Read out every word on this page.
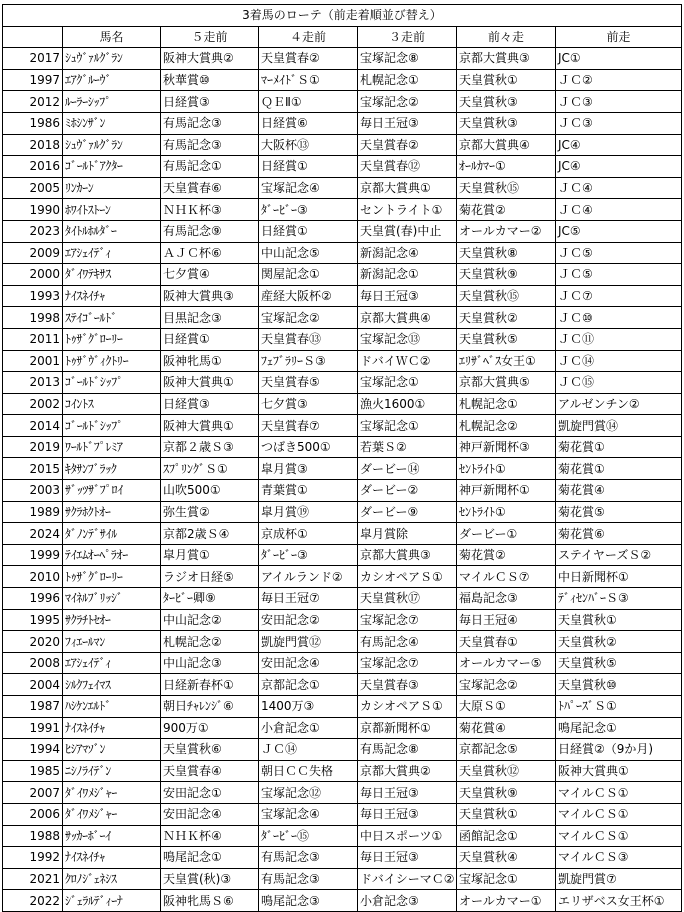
3着馬のローテ（前走着順並び替え）						
	馬名	５走前	４走前	３走前	前々走	前走
2017	ｼｭｳﾞｧﾙｸﾞﾗﾝ	阪神大賞典②	天皇賞春②	宝塚記念⑧	京都大賞典③	JC①
1997	ｴｱｸﾞﾙｰｳﾞ	秋華賞⑩	ﾏｰﾒｲﾄﾞＳ①	札幌記念①	天皇賞秋①	ＪＣ②
2012	ﾙｰﾗｰｼｯﾌﾟ	日経賞③	ＱＥⅡ①	宝塚記念②	天皇賞秋③	ＪＣ③
1986	ﾐﾎｼﾝｻﾞﾝ	有馬記念③	日経賞⑥	毎日王冠③	天皇賞秋③	ＪＣ③
2018	ｼｭｳﾞｧﾙｸﾞﾗﾝ	有馬記念③	大阪杯⑬	天皇賞春②	京都大賞典④	JC④
2016	ｺﾞｰﾙﾄﾞｱｸﾀｰ	有馬記念①	日経賞①	天皇賞春⑫	ｵｰﾙｶﾏｰ①	JC④
2005	ﾘﾝｶｰﾝ	天皇賞春⑥	宝塚記念④	京都大賞典①	天皇賞秋⑮	ＪＣ④
1990	ﾎﾜｲﾄｽﾄｰﾝ	ＮＨＫ杯③	ﾀﾞｰﾋﾞｰ③	セントライト①	菊花賞②	ＪＣ④
2023	ﾀｲﾄﾙﾎﾙﾀﾞｰ	有馬記念⑨	日経賞①	天皇賞(春)中止	オールカマー②	JC⑤
2009	ｴｱｼｪｲﾃﾞｨ	ＡＪＣ杯⑥	中山記念⑤	新潟記念④	天皇賞秋⑧	ＪＣ⑤
2000	ﾀﾞｲﾜﾃｷｻｽ	七夕賞④	関屋記念①	新潟記念①	天皇賞秋⑨	ＪＣ⑤
1993	ﾅｲｽﾈｲﾁｬ	阪神大賞典③	産経大阪杯②	毎日王冠③	天皇賞秋⑮	ＪＣ⑦
1998	ｽﾃｲｺﾞｰﾙﾄﾞ	目黒記念③	宝塚記念②	京都大賞典④	天皇賞秋②	ＪＣ⑩
2011	ﾄｩｻﾞｸﾞﾛｰﾘｰ	日経賞①	天皇賞春⑬	宝塚記念⑬	天皇賞秋⑤	ＪＣ⑪
2001	ﾄｩｻﾞｳﾞｨｸﾄﾘｰ	阪神牝馬①	ﾌｪﾌﾞﾗﾘｰＳ③	ドバイＷＣ②	ｴﾘｻﾞﾍﾞｽ女王①	ＪＣ⑭
2013	ｺﾞｰﾙﾄﾞｼｯﾌﾟ	阪神大賞典①	天皇賞春⑤	宝塚記念①	京都大賞典⑤	ＪＣ⑮
2002	ｺｲﾝﾄｽ	日経賞③	七夕賞③	漁火1600①	札幌記念①	アルゼンチン②
2014	ｺﾞｰﾙﾄﾞｼｯﾌﾟ	阪神大賞典①	天皇賞春⑦	宝塚記念①	札幌記念②	凱旋門賞⑭
2019	ﾜｰﾙﾄﾞﾌﾟﾚﾐｱ	京都２歳Ｓ③	つばき500①	若葉Ｓ②	神戸新聞杯③	菊花賞①
2015	ｷﾀｻﾝﾌﾞﾗｯｸ	ｽﾌﾟﾘﾝｸﾞＳ①	皐月賞③	ダービー⑭	ｾﾝﾄﾗｲﾄ①	菊花賞①
2003	ｻﾞｯﾂｻﾞﾌﾟﾛｲ	山吹500①	青葉賞①	ダービー②	神戸新聞杯①	菊花賞④
1989	ｻｸﾗﾎｸﾄｵｰ	弥生賞②	皐月賞⑲	ダービー⑨	ｾﾝﾄﾗｲﾄ①	菊花賞⑤
2024	ﾀﾞﾉﾝﾃﾞｻｲﾙ	京都2歳Ｓ④	京成杯①	皐月賞除	ダービー①	菊花賞⑥
1999	ﾃｲｴﾑｵｰﾍﾟﾗｵｰ	皐月賞①	ﾀﾞｰﾋﾞｰ③	京都大賞典③	菊花賞②	ステイヤーズＳ②
2010	ﾄｩｻﾞｸﾞﾛｰﾘｰ	ラジオ日経⑤	アイルランド②	カシオペアＳ①	マイルＣＳ⑦	中日新聞杯①
1996	ﾏｲﾈﾙﾌﾞﾘｯｼﾞ	ﾀｰﾋﾞｰ卿⑨	毎日王冠⑦	天皇賞秋⑰	福島記念③	ﾃﾞｨｾﾝﾊﾞｰＳ③
1995	ｻｸﾗﾁﾄｾｵｰ	中山記念②	安田記念②	宝塚記念⑦	毎日王冠④	天皇賞秋①
2020	ﾌｨｴｰﾙﾏﾝ	札幌記念②	凱旋門賞⑫	有馬記念④	天皇賞春①	天皇賞秋②
2008	ｴｱｼｪｲﾃﾞｨ	中山記念③	安田記念④	宝塚記念⑦	オールカマー⑤	天皇賞秋⑤
2004	ｼﾙｸﾌｪｲﾏｽ	日経新春杯①	京都記念①	天皇賞春③	宝塚記念②	天皇賞秋⑩
1987	ﾊｼｹﾝｴﾙﾄﾞ	朝日ﾁｬﾚﾝｼﾞ⑥	1400万③	カシオペアＳ①	大原Ｓ①	ﾄﾊﾟｰｽﾞＳ①
1991	ﾅｲｽﾈｲﾁｬ	900万①	小倉記念①	京都新聞杯①	菊花賞④	鳴尾記念①
1994	ﾋｼｱﾏｿﾞﾝ	天皇賞秋⑥	ＪＣ⑭	有馬記念⑧	京都記念⑤	日経賞②（9か月)
1985	ﾆｼﾉﾗｲﾃﾞﾝ	天皇賞春④	朝日ＣＣ失格	京都大賞典②	天皇賞秋⑫	阪神大賞典①
2007	ﾀﾞｲﾜﾒｼﾞｬｰ	安田記念①	宝塚記念⑫	毎日王冠③	天皇賞秋⑨	マイルＣＳ①
2006	ﾀﾞｲﾜﾒｼﾞｬｰ	安田記念④	宝塚記念④	毎日王冠③	天皇賞秋①	マイルＣＳ①
1988	ｻｯｶｰﾎﾞｰｲ	ＮＨＫ杯④	ﾀﾞｰﾋﾞｰ⑮	中日スポーツ①	函館記念①	マイルＣＳ①
1992	ﾅｲｽﾈｲﾁｬ	鳴尾記念①	有馬記念③	毎日王冠③	天皇賞秋④	マイルＣＳ③
2021	ｸﾛﾉｼﾞｪﾈｼｽ	天皇賞(秋)③	有馬記念③	ドバイシーマＣ②	宝塚記念①	凱旋門賞⑦
2022	ｼﾞｪﾗﾙﾃﾞｨｰﾅ	阪神牝馬Ｓ⑥	鳴尾記念③	小倉記念③	オールカマー①	エリザベス女王杯①
